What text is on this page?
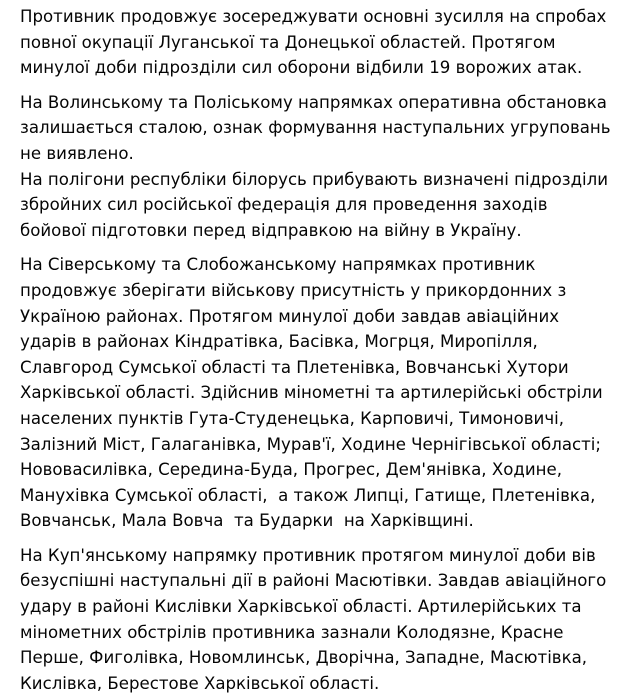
Противник продовжує зосереджувати основні зусилля на спробах
повної окупації Луганської та Донецької областей. Протягом
минулої доби підрозділи сил оборони відбили 19 ворожих атак.
На Волинському та Поліському напрямках оперативна обстановка
залишається сталою, ознак формування наступальних угруповань
не виявлено.
На полігони республіки білорусь прибувають визначені підрозділи
збройних сил російської федерація для проведення заходів
бойової підготовки перед відправкою на війну в Україну.
На Сіверському та Слобожанському напрямках противник
продовжує зберігати військову присутність у прикордонних з
Україною районах. Протягом минулої доби завдав авіаційних
ударів в районах Кіндратівка, Басівка, Могрця, Миропілля,
Славгород Сумської області та Плетенівка, Вовчанські Хутори
Харківської області. Здійснив мінометні та артилерійські обстріли
населених пунктів Гута-Студенецька, Карповичі, Тимоновичі,
Залізний Міст, Галаганівка, Мурав'ї, Ходине Чернігівської області;
Нововасилівка, Середина-Буда, Прогрес, Дем'янівка, Ходине,
Манухівка Сумської області,  а також Липці, Гатище, Плетенівка,
Вовчанськ, Мала Вовча  та Бударки  на Харківщині.
На Куп'янському напрямку противник протягом минулої доби вів
безуспішні наступальні дії в районі Масютівки. Завдав авіаційного
удару в районі Кислівки Харківської області. Артилерійських та
мінометних обстрілів противника зазнали Колодязне, Красне
Перше, Фиголівка, Новомлинськ, Дворічна, Западне, Масютівка,
Кислівка, Берестове Харківської області.
